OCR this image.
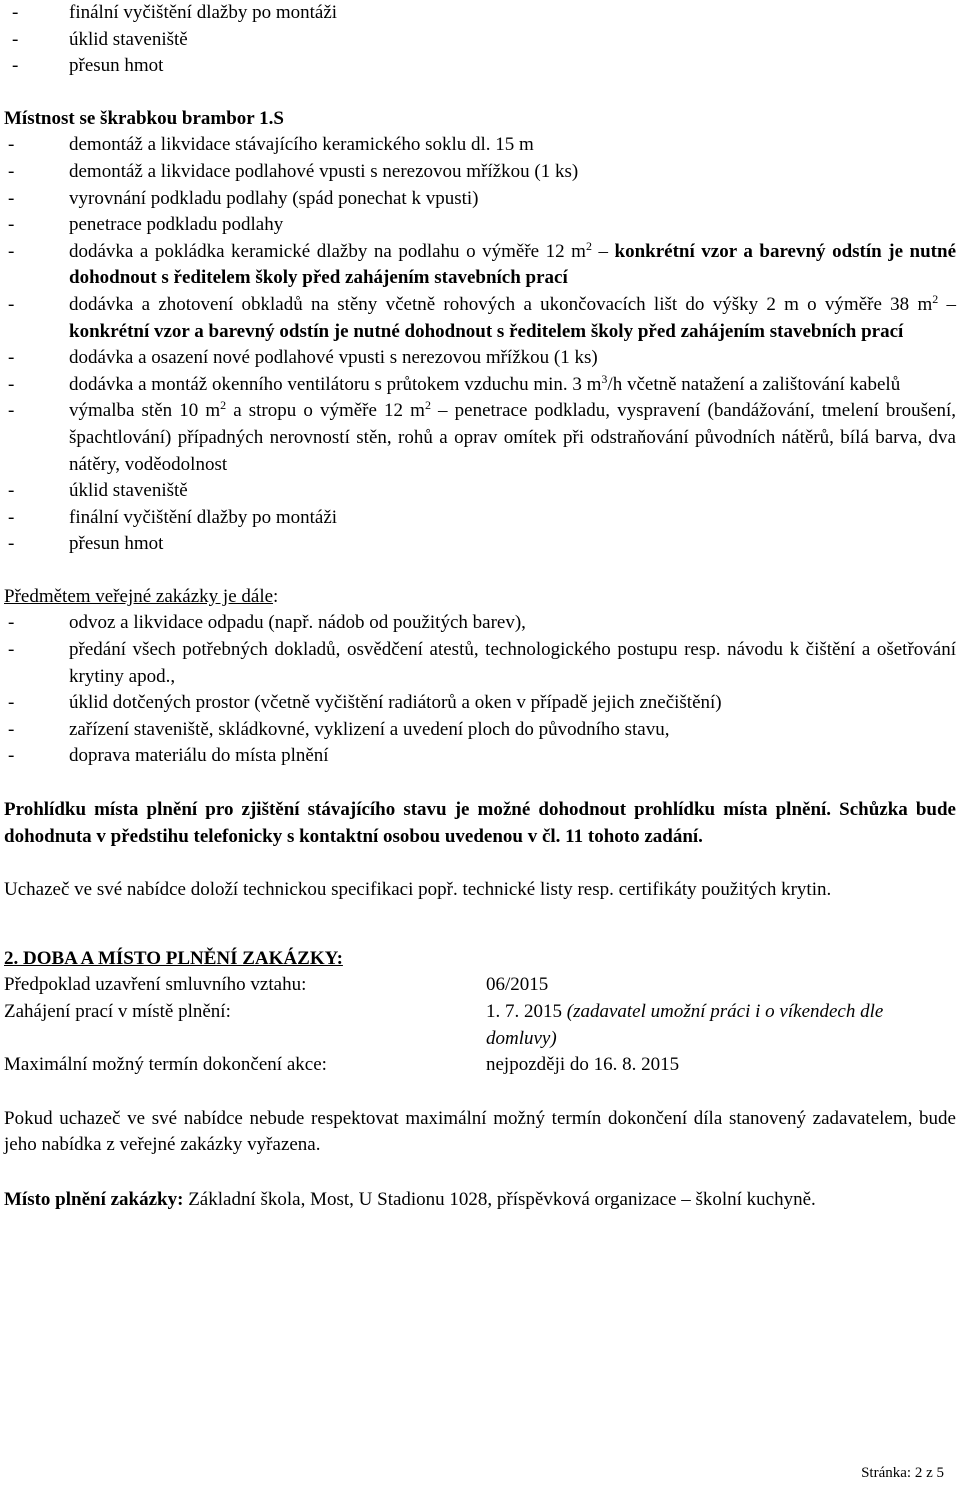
- finální vyčištění dlažby po montáži
- úklid staveniště
- přesun hmot
Místnost se škrabkou brambor 1.S
- demontáž a likvidace stávajícího keramického soklu dl. 15 m
- demontáž a likvidace podlahové vpusti s nerezovou mřížkou (1 ks)
- vyrovnání podkladu podlahy (spád ponechat k vpusti)
- penetrace podkladu podlahy
- dodávka a pokládka keramické dlažby na podlahu o výměře 12 $m^2$ – konkrétní vzor a barevný odstín je nutné dohodnout s ředitelem školy před zahájením stavebních prací
- dodávka a zhotovení obkladů na stěny včetně rohových a ukončovacích lišt do výšky 2 m o výměře 38 $m^2$ – konkrétní vzor a barevný odstín je nutné dohodnout s ředitelem školy před zahájením stavebních prací
- dodávka a osazení nové podlahové vpusti s nerezovou mřížkou (1 ks)
- dodávka a montáž okenního ventilátoru s průtokem vzduchu min. 3 $m^3/h$ včetně natažení a zalištování kabelů
- výmalba stěn 10 $m^2$ a stropu o výměře 12 $m^2$ – penetrace podkladu, vyspravení (bandážování, tmelení broušení, špachtlování) případných nerovností stěn, rohů a oprav omítek při odstraňování původních nátěrů, bílá barva, dva nátěry, voděodolnost
- úklid staveniště
- finální vyčištění dlažby po montáži
- přesun hmot
Předmětem veřejné zakázky je dále:
- odvoz a likvidace odpadu (např. nádob od použitých barev),
- předání všech potřebných dokladů, osvědčení atestů, technologického postupu resp. návodu k čištění a ošetřování krytiny apod.,
- úklid dotčených prostor (včetně vyčištění radiátorů a oken v případě jejich znečištění)
- zařízení staveniště, skládkovné, vyklizení a uvedení ploch do původního stavu,
- doprava materiálu do místa plnění
Prohlídku místa plnění pro zjištění stávajícího stavu je možné dohodnout prohlídku místa plnění. Schůzka bude dohodnuta v předstihu telefonicky s kontaktní osobou uvedenou v čl. 11 tohoto zadání.
Uchazeč ve své nabídce doloží technickou specifikaci popř. technické listy resp. certifikáty použitých krytin.
2. DOBA A MÍSTO PLNĚNÍ ZAKÁZKY:
Předpoklad uzavření smluvního vztahu:	06/2015
Zahájení prací v místě plnění:	1. 7. 2015 (zadavatel umožní práci i o víkendech dle domluvy)
Maximální možný termín dokončení akce:	nejpozději do 16. 8. 2015
Pokud uchazeč ve své nabídce nebude respektovat maximální možný termín dokončení díla stanovený zadavatelem, bude jeho nabídka z veřejné zakázky vyřazena.
Místo plnění zakázky: Základní škola, Most, U Stadionu 1028, příspěvková organizace – školní kuchyně.
Stránka: 2 z 5
